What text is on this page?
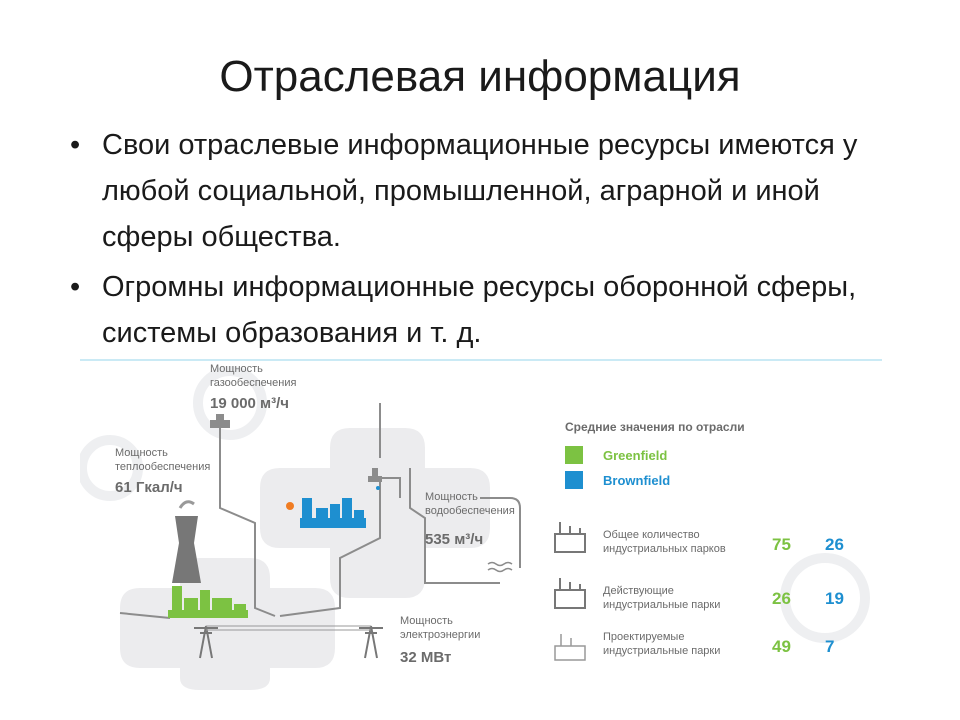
Отраслевая информация
• Свои отраслевые информационные ресурсы имеются у любой социальной, промышленной, аграрной и иной сферы общества.
• Огромны информационные ресурсы оборонной сферы, системы образования и т. д.
Мощность
газообеспечения
19 000 м³/ч
Мощность
теплообеспечения
61 Гкал/ч
Мощность
водообеспечения
535 м³/ч
Мощность
электроэнергии
32 МВт
Средние значения по отрасли
Greenfield
Brownfield
Общее количество
индустриальных парков	75 26
Действующие
индустриальные парки	26 19
Проектируемые
индустриальные парки	49 7
